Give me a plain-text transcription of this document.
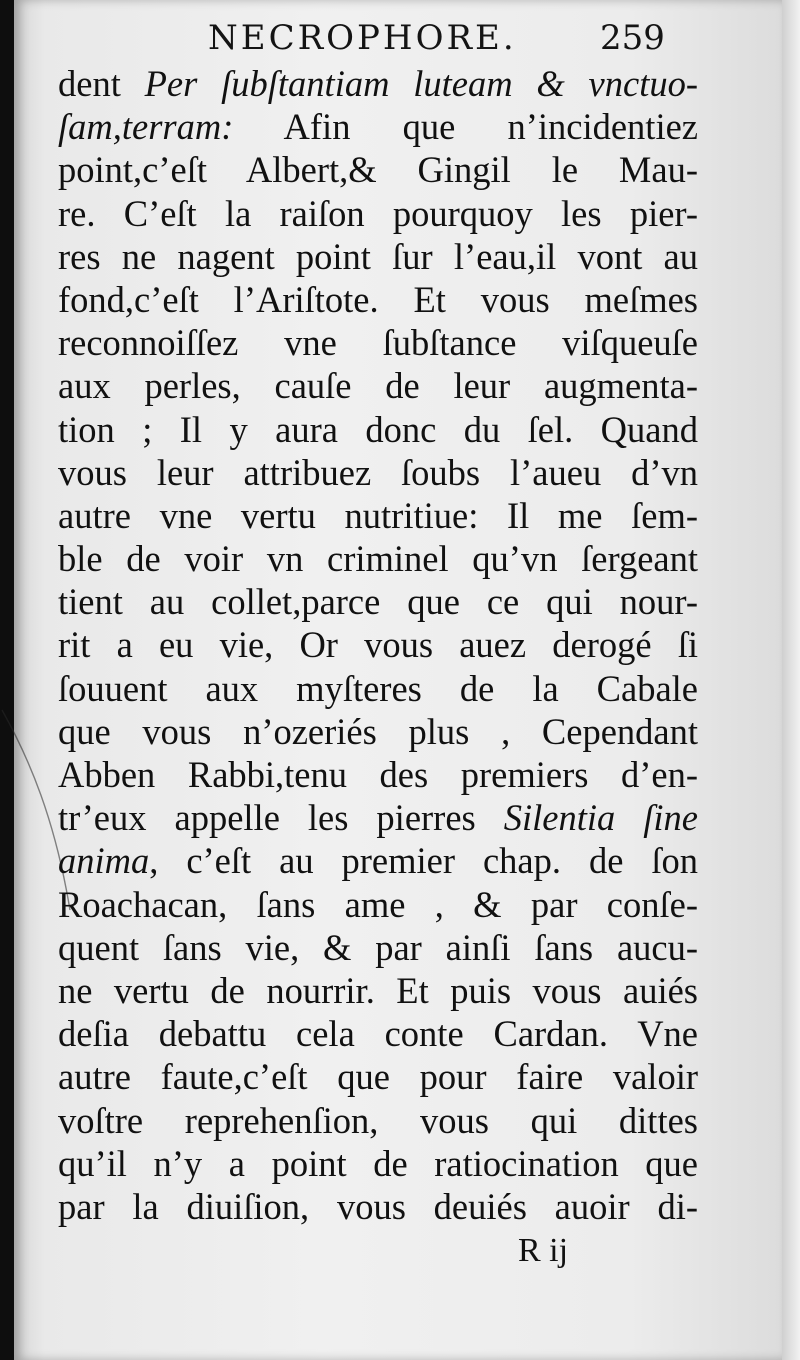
NECROPHORE. 259
dent Per ſubſtantiam luteam & vnctuo-
ſam,terram: Afin que n’incidentiez
point,c’eſt Albert,& Gingil le Mau-
re. C’eſt la raiſon pourquoy les pier-
res ne nagent point ſur l’eau,il vont au
fond,c’eſt l’Ariſtote. Et vous meſmes
reconnoiſſez vne ſubſtance viſqueuſe
aux perles, cauſe de leur augmenta-
tion ; Il y aura donc du ſel. Quand
vous leur attribuez ſoubs l’aueu d’vn
autre vne vertu nutritiue: Il me ſem-
ble de voir vn criminel qu’vn ſergeant
tient au collet,parce que ce qui nour-
rit a eu vie, Or vous auez derogé ſi
ſouuent aux myſteres de la Cabale
que vous n’ozeriés plus , Cependant
Abben Rabbi,tenu des premiers d’en-
tr’eux appelle les pierres Silentia ſine
anima, c’eſt au premier chap. de ſon
Roachacan, ſans ame , & par conſe-
quent ſans vie, & par ainſi ſans aucu-
ne vertu de nourrir. Et puis vous auiés
deſia debattu cela conte Cardan. Vne
autre faute,c’eſt que pour faire valoir
voſtre reprehenſion, vous qui dittes
qu’il n’y a point de ratiocination que
par la diuiſion, vous deuiés auoir di-
R ij
